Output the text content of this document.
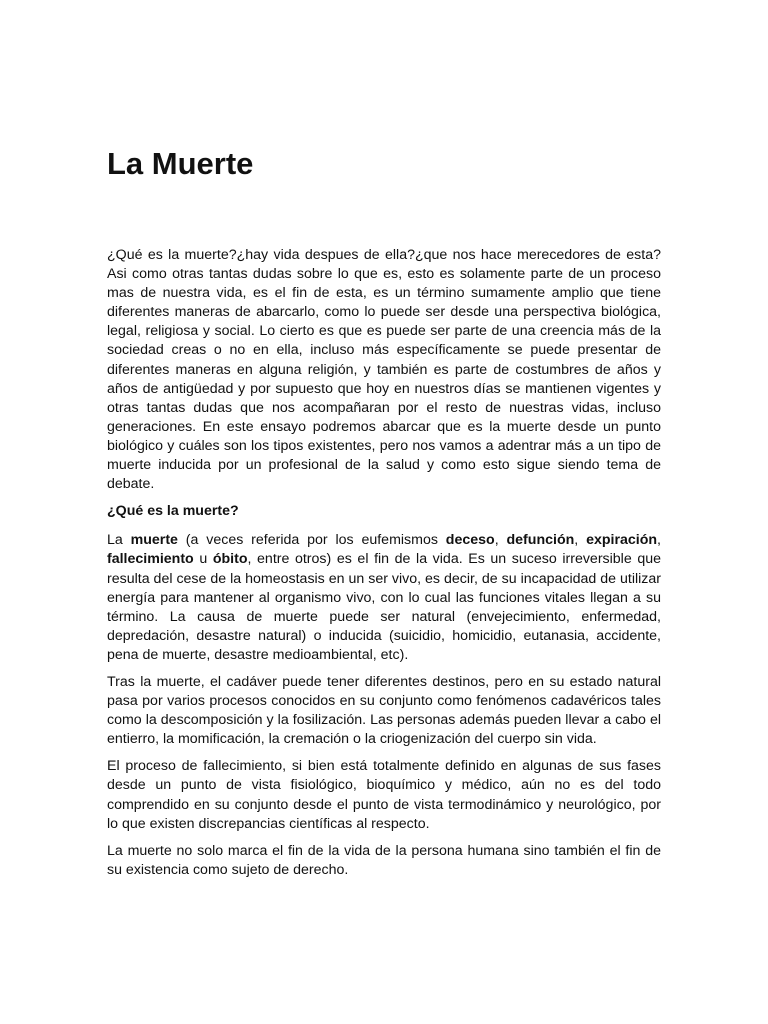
La Muerte

¿Qué es la muerte?¿hay vida despues de ella?¿que nos hace merecedores de esta? Asi como otras tantas dudas sobre lo que es, esto es solamente parte de un proceso mas de nuestra vida, es el fin de esta, es un término sumamente amplio que tiene diferentes maneras de abarcarlo, como lo puede ser desde una perspectiva biológica, legal, religiosa y social. Lo cierto es que es puede ser parte de una creencia más de la sociedad creas o no en ella, incluso más específicamente se puede presentar de diferentes maneras en alguna religión, y también es parte de costumbres de años y años de antigüedad y por supuesto que hoy en nuestros días se mantienen vigentes y otras tantas dudas que nos acompañaran por el resto de nuestras vidas, incluso generaciones. En este ensayo podremos abarcar que es la muerte desde un punto biológico y cuáles son los tipos existentes, pero nos vamos a adentrar más a un tipo de muerte inducida por un profesional de la salud y como esto sigue siendo tema de debate.

¿Qué es la muerte?

La muerte (a veces referida por los eufemismos deceso, defunción, expiración, fallecimiento u óbito, entre otros) es el fin de la vida. Es un suceso irreversible que resulta del cese de la homeostasis en un ser vivo, es decir, de su incapacidad de utilizar energía para mantener al organismo vivo, con lo cual las funciones vitales llegan a su término. La causa de muerte puede ser natural (envejecimiento, enfermedad, depredación, desastre natural) o inducida (suicidio, homicidio, eutanasia, accidente, pena de muerte, desastre medioambiental, etc).

Tras la muerte, el cadáver puede tener diferentes destinos, pero en su estado natural pasa por varios procesos conocidos en su conjunto como fenómenos cadavéricos tales como la descomposición y la fosilización. Las personas además pueden llevar a cabo el entierro, la momificación, la cremación o la criogenización del cuerpo sin vida.

El proceso de fallecimiento, si bien está totalmente definido en algunas de sus fases desde un punto de vista fisiológico, bioquímico y médico, aún no es del todo comprendido en su conjunto desde el punto de vista termodinámico y neurológico, por lo que existen discrepancias científicas al respecto.

La muerte no solo marca el fin de la vida de la persona humana sino también el fin de su existencia como sujeto de derecho.
